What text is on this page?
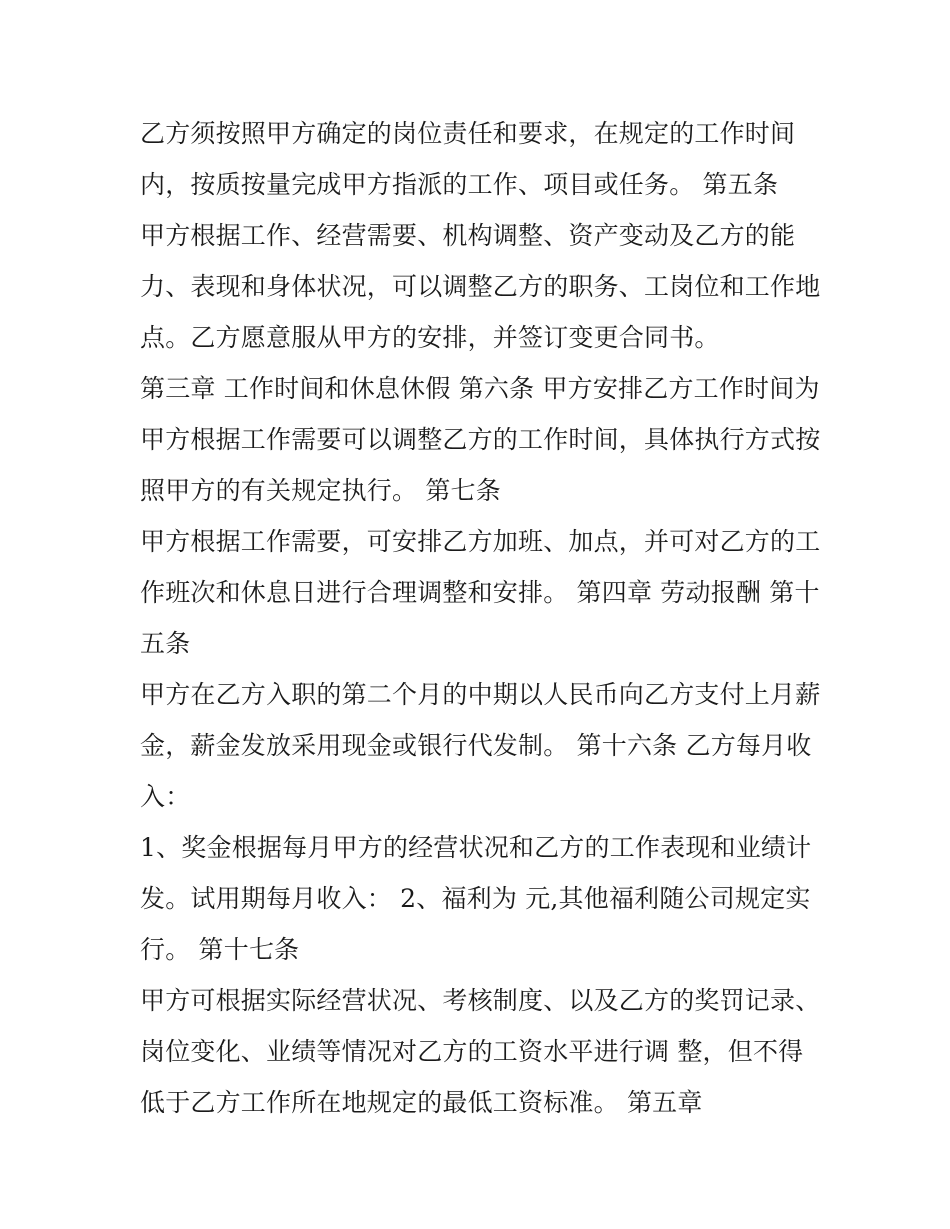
乙方须按照甲方确定的岗位责任和要求，在规定的工作时间
内，按质按量完成甲方指派的工作、项目或任务。 第五条
甲方根据工作、经营需要、机构调整、资产变动及乙方的能
力、表现和身体状况，可以调整乙方的职务、工岗位和工作地
点。乙方愿意服从甲方的安排，并签订变更合同书。
第三章 工作时间和休息休假 第六条 甲方安排乙方工作时间为
甲方根据工作需要可以调整乙方的工作时间，具体执行方式按
照甲方的有关规定执行。 第七条
甲方根据工作需要，可安排乙方加班、加点，并可对乙方的工
作班次和休息日进行合理调整和安排。 第四章 劳动报酬 第十
五条
甲方在乙方入职的第二个月的中期以人民币向乙方支付上月薪
金，薪金发放采用现金或银行代发制。 第十六条 乙方每月收
入：
1、奖金根据每月甲方的经营状况和乙方的工作表现和业绩计
发。试用期每月收入： 2、福利为 元,其他福利随公司规定实
行。 第十七条
甲方可根据实际经营状况、考核制度、以及乙方的奖罚记录、
岗位变化、业绩等情况对乙方的工资水平进行调 整，但不得
低于乙方工作所在地规定的最低工资标准。 第五章
